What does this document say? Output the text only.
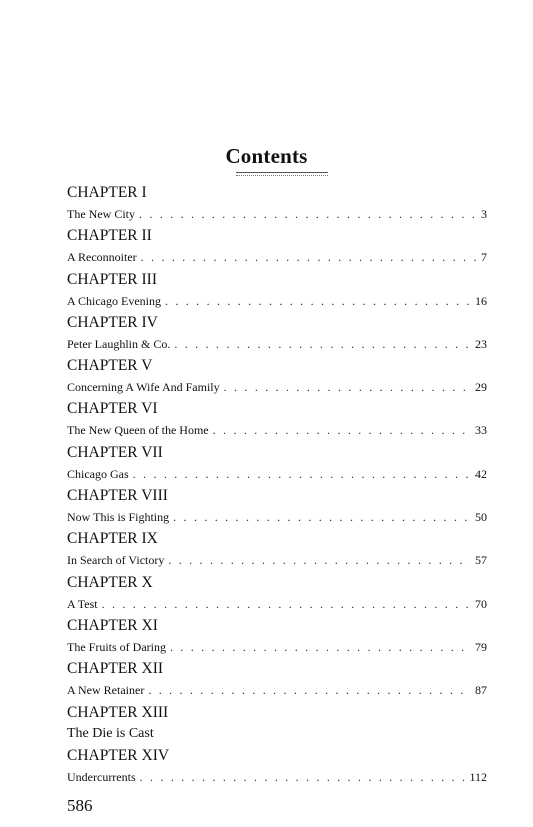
Contents
CHAPTER I
The New City . . .	3
CHAPTER II
A Reconnoiter . . .	7
CHAPTER III
A Chicago Evening . . .	16
CHAPTER IV
Peter Laughlin & Co. . . .	23
CHAPTER V
Concerning A Wife And Family . . .	29
CHAPTER VI
The New Queen of the Home . . .	33
CHAPTER VII
Chicago Gas . . .	42
CHAPTER VIII
Now This is Fighting . . .	50
CHAPTER IX
In Search of Victory . . .	57
CHAPTER X
A Test . . .	70
CHAPTER XI
The Fruits of Daring . . .	79
CHAPTER XII
A New Retainer . . .	87
CHAPTER XIII
The Die is Cast
CHAPTER XIV
Undercurrents . . .	112
586
